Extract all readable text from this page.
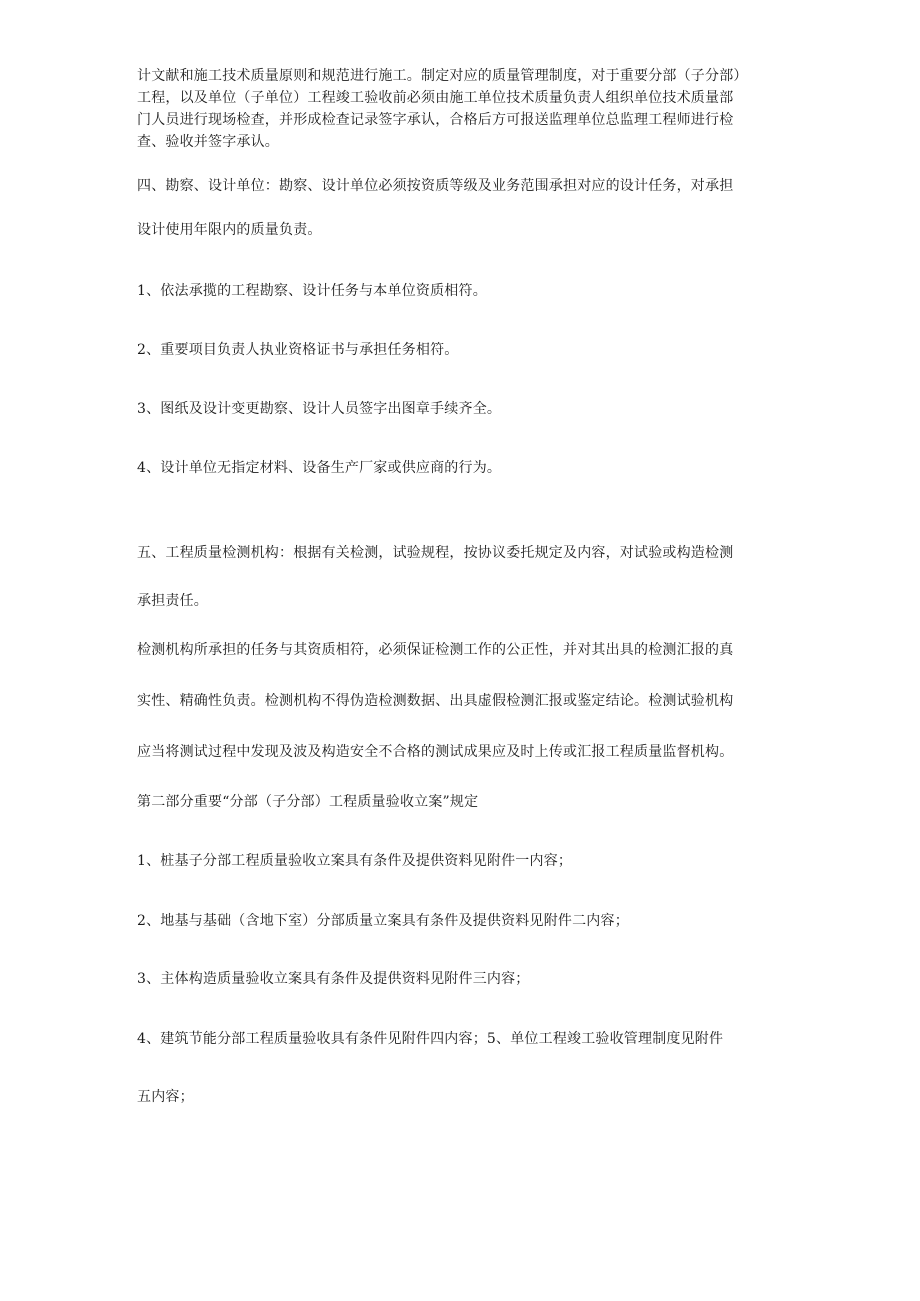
计文献和施工技术质量原则和规范进行施工。制定对应的质量管理制度，对于重要分部（子分部）
工程，以及单位（子单位）工程竣工验收前必须由施工单位技术质量负责人组织单位技术质量部
门人员进行现场检查，并形成检查记录签字承认，合格后方可报送监理单位总监理工程师进行检
查、验收并签字承认。
四、勘察、设计单位：勘察、设计单位必须按资质等级及业务范围承担对应的设计任务，对承担
设计使用年限内的质量负责。
1、依法承揽的工程勘察、设计任务与本单位资质相符。
2、重要项目负责人执业资格证书与承担任务相符。
3、图纸及设计变更勘察、设计人员签字出图章手续齐全。
4、设计单位无指定材料、设备生产厂家或供应商的行为。
五、工程质量检测机构：根据有关检测，试验规程，按协议委托规定及内容，对试验或构造检测
承担责任。
检测机构所承担的任务与其资质相符，必须保证检测工作的公正性，并对其出具的检测汇报的真
实性、精确性负责。检测机构不得伪造检测数据、出具虚假检测汇报或鉴定结论。检测试验机构
应当将测试过程中发现及波及构造安全不合格的测试成果应及时上传或汇报工程质量监督机构。
第二部分重要“分部（子分部）工程质量验收立案”规定
1、桩基子分部工程质量验收立案具有条件及提供资料见附件一内容；
2、地基与基础（含地下室）分部质量立案具有条件及提供资料见附件二内容；
3、主体构造质量验收立案具有条件及提供资料见附件三内容；
4、建筑节能分部工程质量验收具有条件见附件四内容；5、单位工程竣工验收管理制度见附件
五内容；
